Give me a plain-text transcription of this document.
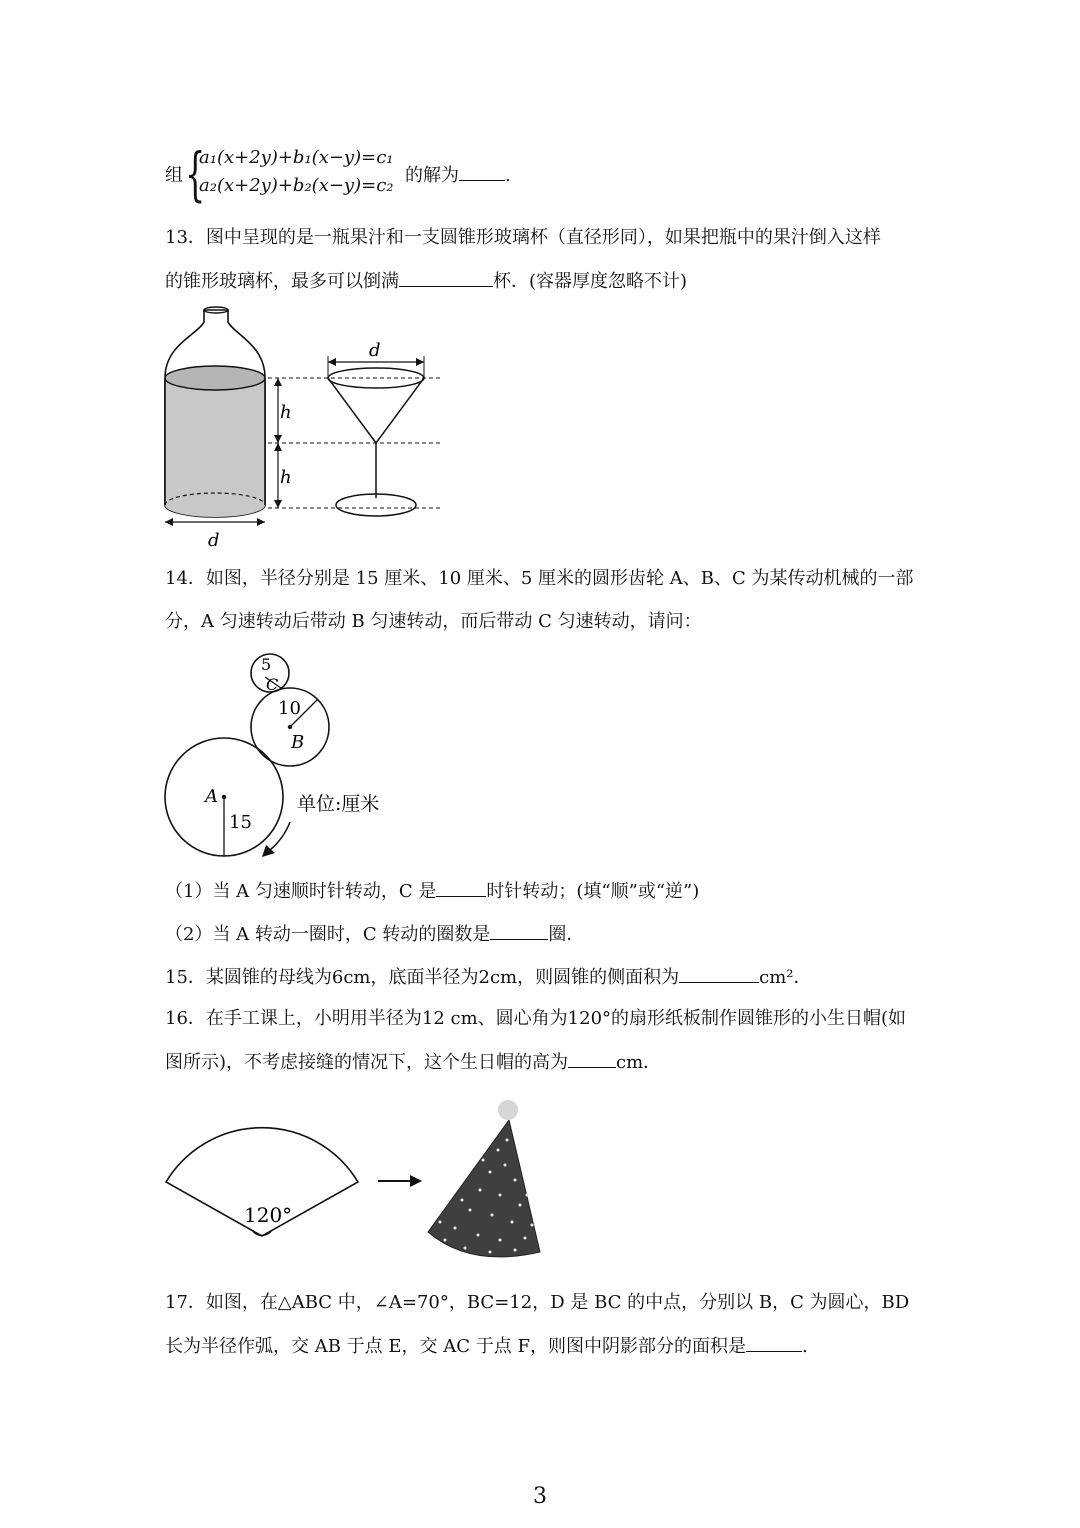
组 {
a₁(x+2y)+b₁(x−y)=c₁
a₂(x+2y)+b₂(x−y)=c₂ 的解为	.
13．图中呈现的是一瓶果汁和一支圆锥形玻璃杯（直径形同），如果把瓶中的果汁倒入这样
的锥形玻璃杯，最多可以倒满	杯．(容器厚度忽略不计)
d
h
h
d
14．如图，半径分别是 15 厘米、10 厘米、5 厘米的圆形齿轮 A、B、C 为某传动机械的一部
分，A 匀速转动后带动 B 匀速转动，而后带动 C 匀速转动，请问：
5
C
10
B
A
15
单位:厘米
（1）当 A 匀速顺时针转动，C 是	时针转动；(填“顺”或“逆”)
（2）当 A 转动一圈时，C 转动的圈数是	圈．
15．某圆锥的母线为6cm，底面半径为2cm，则圆锥的侧面积为	cm²．
16．在手工课上，小明用半径为12 cm、圆心角为120°的扇形纸板制作圆锥形的小生日帽(如
图所示)，不考虑接缝的情况下，这个生日帽的高为	cm．
120°
17．如图，在△ABC 中，∠A=70°，BC=12，D 是 BC 的中点，分别以 B，C 为圆心，BD
长为半径作弧，交 AB 于点 E，交 AC 于点 F，则图中阴影部分的面积是	.
3
